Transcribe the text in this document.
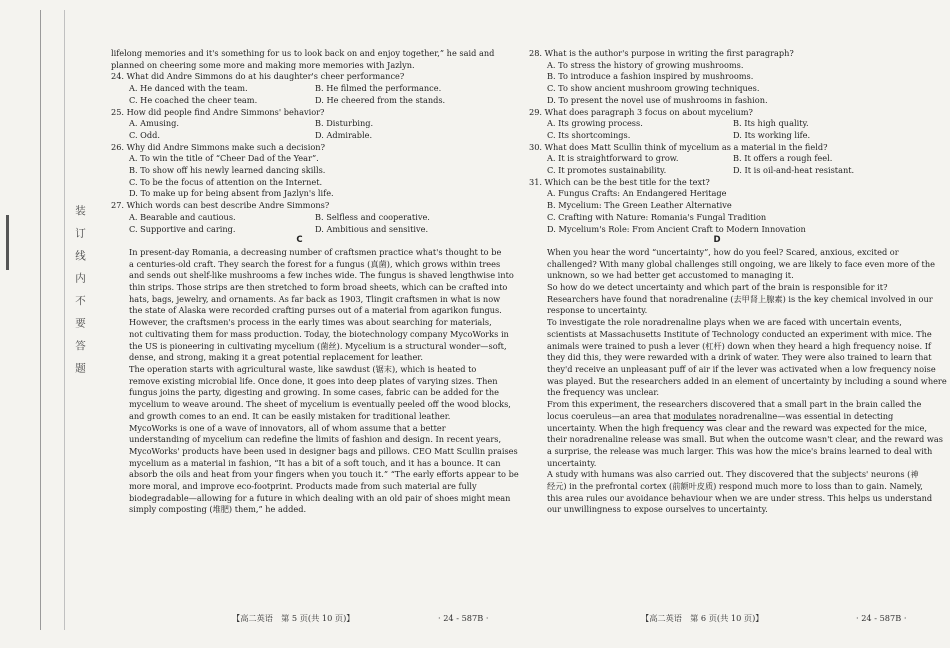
装订线内不要答题
lifelong memories and it's something for us to look back on and enjoy together,” he said and
planned on cheering some more and making more memories with Jazlyn.
24. What did Andre Simmons do at his daughter's cheer performance?
A. He danced with the team.	B. He filmed the performance.
C. He coached the cheer team.	D. He cheered from the stands.
25. How did people find Andre Simmons' behavior?
A. Amusing.	B. Disturbing.
C. Odd.	D. Admirable.
26. Why did Andre Simmons make such a decision?
A. To win the title of “Cheer Dad of the Year”.
B. To show off his newly learned dancing skills.
C. To be the focus of attention on the Internet.
D. To make up for being absent from Jazlyn's life.
27. Which words can best describe Andre Simmons?
A. Bearable and cautious.	B. Selfless and cooperative.
C. Supportive and caring.	D. Ambitious and sensitive.
C
In present-day Romania, a decreasing number of craftsmen practice what's thought to be
a centuries-old craft. They search the forest for a fungus (真菌), which grows within trees
and sends out shelf-like mushrooms a few inches wide. The fungus is shaved lengthwise into
thin strips. Those strips are then stretched to form broad sheets, which can be crafted into
hats, bags, jewelry, and ornaments. As far back as 1903, Tlingit craftsmen in what is now
the state of Alaska were recorded crafting purses out of a material from agarikon fungus.
However, the craftsmen's process in the early times was about searching for materials,
not cultivating them for mass production. Today, the biotechnology company MycoWorks in
the US is pioneering in cultivating mycelium (菌丝). Mycelium is a structural wonder—soft,
dense, and strong, making it a great potential replacement for leather.
The operation starts with agricultural waste, like sawdust (锯末), which is heated to
remove existing microbial life. Once done, it goes into deep plates of varying sizes. Then
fungus joins the party, digesting and growing. In some cases, fabric can be added for the
mycelium to weave around. The sheet of mycelium is eventually peeled off the wood blocks,
and growth comes to an end. It can be easily mistaken for traditional leather.
MycoWorks is one of a wave of innovators, all of whom assume that a better
understanding of mycelium can redefine the limits of fashion and design. In recent years,
MycoWorks' products have been used in designer bags and pillows. CEO Matt Scullin praises
mycelium as a material in fashion, “It has a bit of a soft touch, and it has a bounce. It can
absorb the oils and heat from your fingers when you touch it.” “The early efforts appear to be
more moral, and improve eco-footprint. Products made from such material are fully
biodegradable—allowing for a future in which dealing with an old pair of shoes might mean
simply composting (堆肥) them,” he added.
28. What is the author's purpose in writing the first paragraph?
A. To stress the history of growing mushrooms.
B. To introduce a fashion inspired by mushrooms.
C. To show ancient mushroom growing techniques.
D. To present the novel use of mushrooms in fashion.
29. What does paragraph 3 focus on about mycelium?
A. Its growing process.	B. Its high quality.
C. Its shortcomings.	D. Its working life.
30. What does Matt Scullin think of mycelium as a material in the field?
A. It is straightforward to grow.	B. It offers a rough feel.
C. It promotes sustainability.	D. It is oil-and-heat resistant.
31. Which can be the best title for the text?
A. Fungus Crafts: An Endangered Heritage
B. Mycelium: The Green Leather Alternative
C. Crafting with Nature: Romania's Fungal Tradition
D. Mycelium's Role: From Ancient Craft to Modern Innovation
D
When you hear the word “uncertainty”, how do you feel? Scared, anxious, excited or
challenged? With many global challenges still ongoing, we are likely to face even more of the
unknown, so we had better get accustomed to managing it.
So how do we detect uncertainty and which part of the brain is responsible for it?
Researchers have found that noradrenaline (去甲肾上腺素) is the key chemical involved in our
response to uncertainty.
To investigate the role noradrenaline plays when we are faced with uncertain events,
scientists at Massachusetts Institute of Technology conducted an experiment with mice. The
animals were trained to push a lever (杠杆) down when they heard a high frequency noise. If
they did this, they were rewarded with a drink of water. They were also trained to learn that
they'd receive an unpleasant puff of air if the lever was activated when a low frequency noise
was played. But the researchers added in an element of uncertainty by including a sound where
the frequency was unclear.
From this experiment, the researchers discovered that a small part in the brain called the
locus coeruleus—an area that modulates noradrenaline—was essential in detecting
uncertainty. When the high frequency was clear and the reward was expected for the mice,
their noradrenaline release was small. But when the outcome wasn't clear, and the reward was
a surprise, the release was much larger. This was how the mice's brains learned to deal with
uncertainty.
A study with humans was also carried out. They discovered that the subjects' neurons (神
经元) in the prefrontal cortex (前额叶皮质) respond much more to loss than to gain. Namely,
this area rules our avoidance behaviour when we are under stress. This helps us understand
our unwillingness to expose ourselves to uncertainty.
【高二英语　第 5 页(共 10 页)】	· 24 - 587B ·	【高二英语　第 6 页(共 10 页)】	· 24 - 587B ·
